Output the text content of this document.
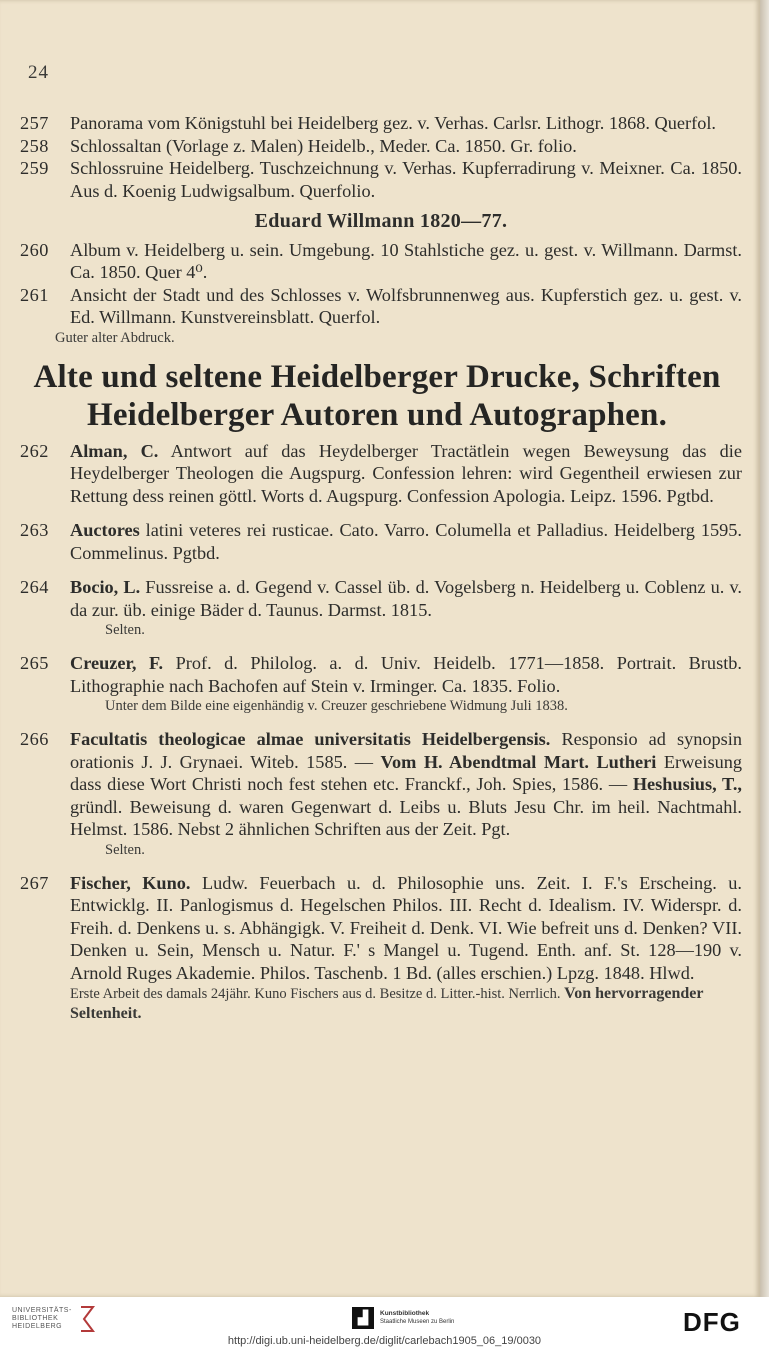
24
257 Panorama vom Königstuhl bei Heidelberg gez. v. Verhas. Carlsr. Lithogr. 1868. Querfol.
258 Schlossaltan (Vorlage z. Malen) Heidelb., Meder. Ca. 1850. Gr. folio.
259 Schlossruine Heidelberg. Tuschzeichnung v. Verhas. Kupferradirung v. Meixner. Ca. 1850. Aus d. Koenig Ludwigsalbum. Querfolio.
Eduard Willmann 1820—77.
260 Album v. Heidelberg u. sein. Umgebung. 10 Stahlstiche gez. u. gest. v. Willmann. Darmst. Ca. 1850. Quer 4⁰.
261 Ansicht der Stadt und des Schlosses v. Wolfsbrunnenweg aus. Kupferstich gez. u. gest. v. Ed. Willmann. Kunstvereinsblatt. Querfol.

Guter alter Abdruck.

Alte und seltene Heidelberger Drucke, Schriften
Heidelberger Autoren und Autographen.
262 Alman, C. Antwort auf das Heydelberger Tractätlein wegen Beweysung das die Heydelberger Theologen die Augspurg. Confession lehren: wird Gegentheil erwiesen zur Rettung dess reinen göttl. Worts d. Augspurg. Confession Apologia. Leipz. 1596. Pgtbd.
263 Auctores latini veteres rei rusticae. Cato. Varro. Columella et Palladius. Heidelberg 1595. Commelinus. Pgtbd.
264 Bocio, L. Fussreise a. d. Gegend v. Cassel üb. d. Vogelsberg n. Heidelberg u. Coblenz u. v. da zur. üb. einige Bäder d. Taunus. Darmst. 1815.

Selten.

265 Creuzer, F. Prof. d. Philolog. a. d. Univ. Heidelb. 1771—1858. Portrait. Brustb. Lithographie nach Bachofen auf Stein v. Irminger. Ca. 1835. Folio.

Unter dem Bilde eine eigenhändig v. Creuzer geschriebene Widmung Juli 1838.

266 Facultatis theologicae almae universitatis Heidelbergensis. Responsio ad synopsin orationis J. J. Grynaei. Witeb. 1585. — Vom H. Abendtmal Mart. Lutheri Erweisung dass diese Wort Christi noch fest stehen etc. Franckf., Joh. Spies, 1586. — Heshusius, T., gründl. Beweisung d. waren Gegenwart d. Leibs u. Bluts Jesu Chr. im heil. Nachtmahl. Helmst. 1586. Nebst 2 ähnlichen Schriften aus der Zeit. Pgt.

Selten.

267 Fischer, Kuno. Ludw. Feuerbach u. d. Philosophie uns. Zeit. I. F.'s Erscheing. u. Entwicklg. II. Panlogismus d. Hegelschen Philos. III. Recht d. Idealism. IV. Widerspr. d. Freih. d. Denkens u. s. Abhängigk. V. Freiheit d. Denk. VI. Wie befreit uns d. Denken? VII. Denken u. Sein, Mensch u. Natur. F.' s Mangel u. Tugend. Enth. anf. St. 128—190 v. Arnold Ruges Akademie. Philos. Taschenb. 1 Bd. (alles erschien.) Lpzg. 1848. Hlwd.

Erste Arbeit des damals 24jähr. Kuno Fischers aus d. Besitze d. Litter.-hist. Nerrlich. Von hervorragender Seltenheit.

UNIVERSITÄTS-
BIBLIOTHEK
HEIDELBERG
▟	Kunstbibliothek
Staatliche Museen zu Berlin	DFG
http://digi.ub.uni-heidelberg.de/diglit/carlebach1905_06_19/0030
